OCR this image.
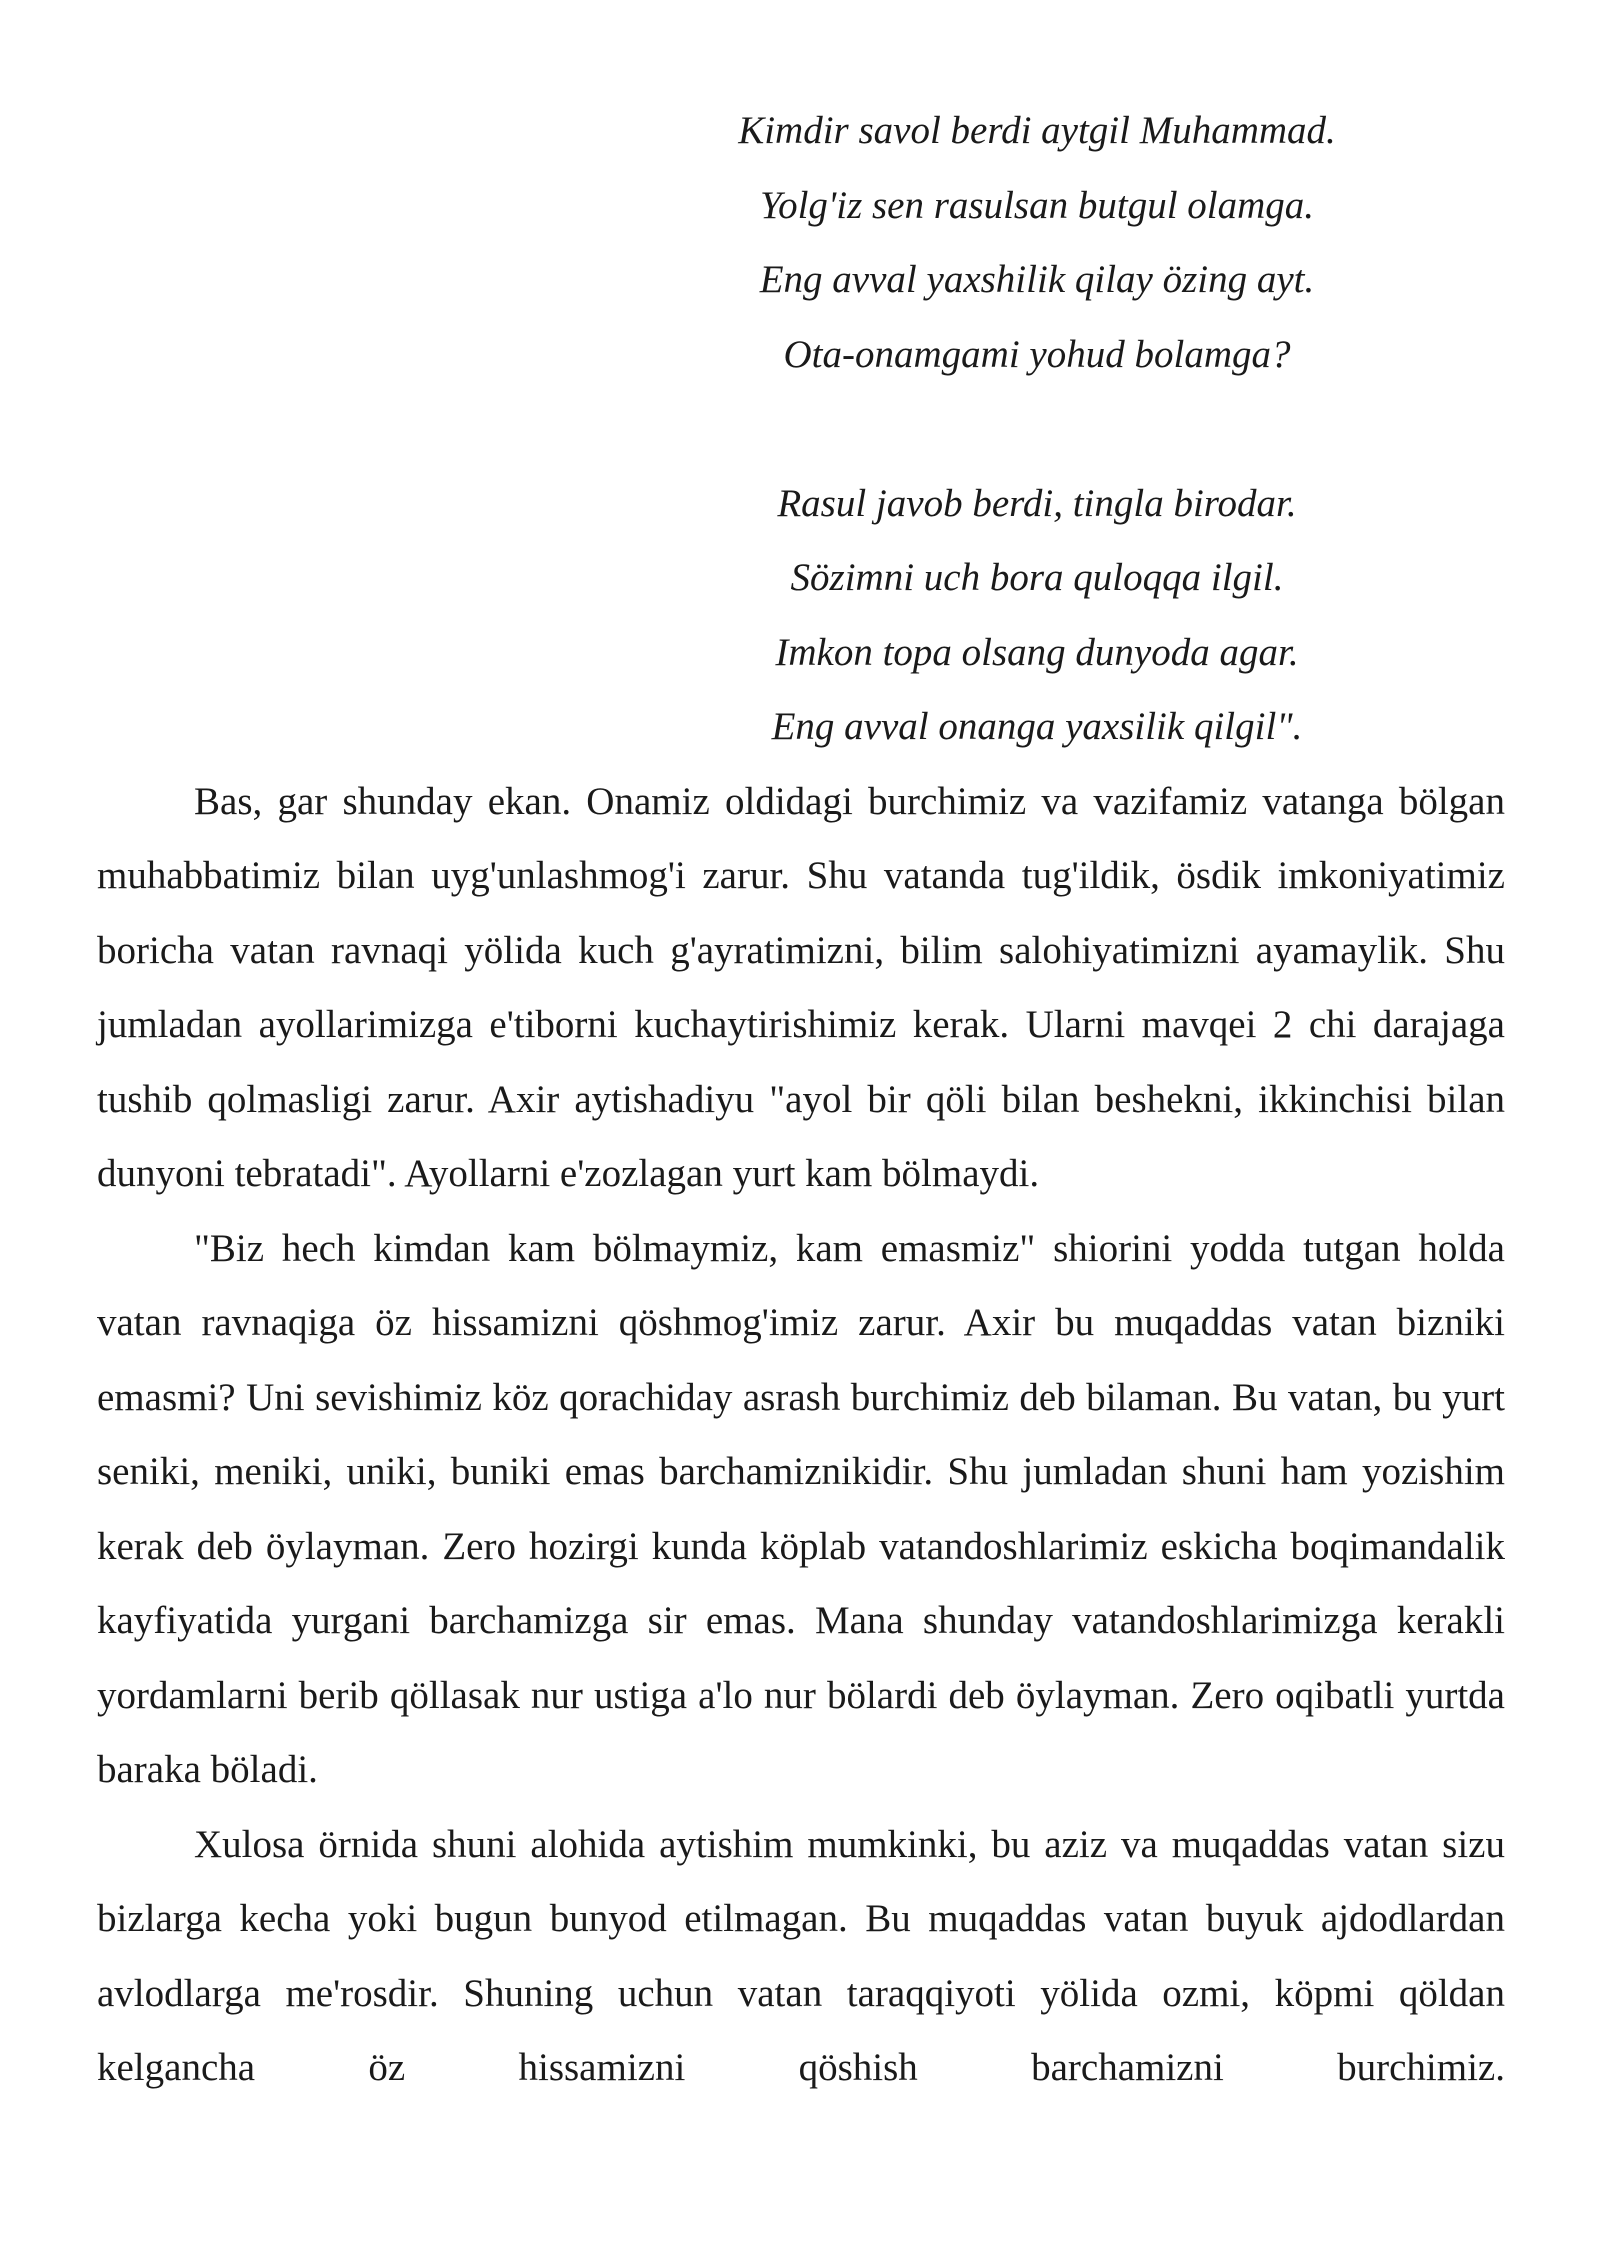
Kimdir savol berdi aytgil Muhammad.
Yolg'iz sen rasulsan butgul olamga.
Eng avval yaxshilik qilay özing ayt.
Ota-onamgami yohud bolamga?
Rasul javob berdi, tingla birodar.
Sözimni uch bora quloqqa ilgil.
Imkon topa olsang dunyoda agar.
Eng avval onanga yaxsilik qilgil".

Bas, gar shunday ekan. Onamiz oldidagi burchimiz va vazifamiz vatanga bölgan muhabbatimiz bilan uyg'unlashmog'i zarur. Shu vatanda tug'ildik, ösdik imkoniyatimiz boricha vatan ravnaqi yölida kuch g'ayratimizni, bilim salohiyatimizni ayamaylik. Shu jumladan ayollarimizga e'tiborni kuchaytirishimiz kerak. Ularni mavqei 2 chi darajaga tushib qolmasligi zarur. Axir aytishadiyu "ayol bir qöli bilan beshekni, ikkinchisi bilan dunyoni tebratadi". Ayollarni e'zozlagan yurt kam bölmaydi.

"Biz hech kimdan kam bölmaymiz, kam emasmiz" shiorini yodda tutgan holda vatan ravnaqiga öz hissamizni qöshmog'imiz zarur. Axir bu muqaddas vatan bizniki emasmi? Uni sevishimiz köz qorachiday asrash burchimiz deb bilaman. Bu vatan, bu yurt seniki, meniki, uniki, buniki emas barchamiznikidir. Shu jumladan shuni ham yozishim kerak deb öylayman. Zero hozirgi kunda köplab vatandoshlarimiz eskicha boqimandalik kayfiyatida yurgani barchamizga sir emas. Mana shunday vatandoshlarimizga kerakli yordamlarni berib qöllasak nur ustiga a'lo nur bölardi deb öylayman. Zero oqibatli yurtda baraka böladi.

Xulosa örnida shuni alohida aytishim mumkinki, bu aziz va muqaddas vatan sizu bizlarga kecha yoki bugun bunyod etilmagan. Bu muqaddas vatan buyuk ajdodlardan avlodlarga me'rosdir. Shuning uchun vatan taraqqiyoti yölida ozmi, köpmi qöldan kelgancha öz hissamizni qöshish barchamizni burchimiz.
